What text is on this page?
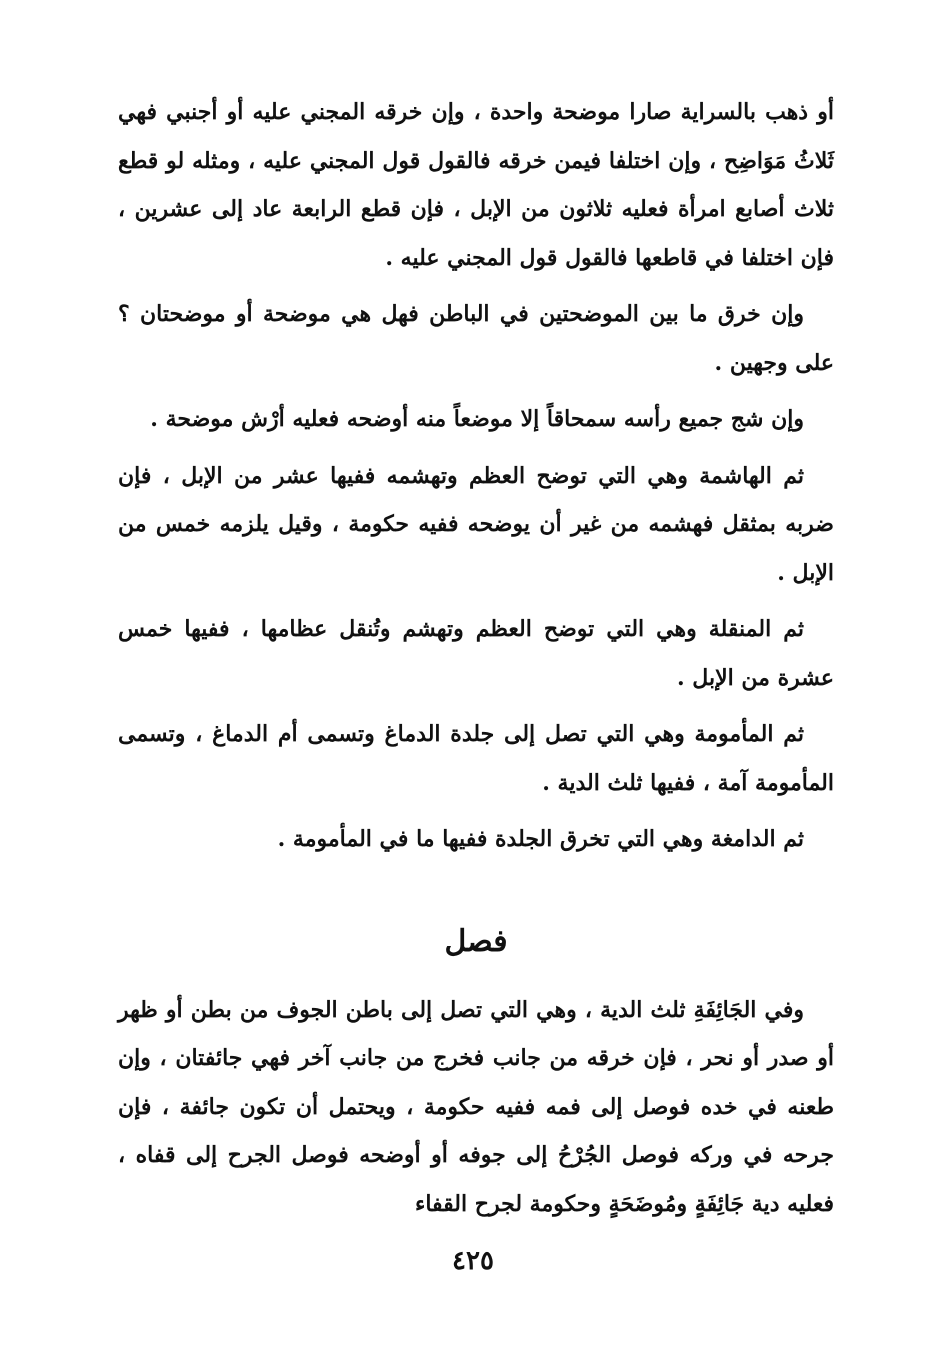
أو ذهب بالسراية صارا موضحة واحدة ، وإن خرقه المجني عليه أو أجنبي فهي ثَلاثُ مَوَاضِح ، وإن اختلفا فيمن خرقه فالقول قول المجني عليه ، ومثله لو قطع ثلاث أصابع امرأة فعليه ثلاثون من الإبل ، فإن قطع الرابعة عاد إلى عشرين ، فإن اختلفا في قاطعها فالقول قول المجني عليه .

وإن خرق ما بين الموضحتين في الباطن فهل هي موضحة أو موضحتان ؟ على وجهين .

وإن شج جميع رأسه سمحاقاً إلا موضعاً منه أوضحه فعليه أرْش موضحة .

ثم الهاشمة وهي التي توضح العظم وتهشمه ففيها عشر من الإبل ، فإن ضربه بمثقل فهشمه من غير أن يوضحه ففيه حكومة ، وقيل يلزمه خمس من الإبل .

ثم المنقلة وهي التي توضح العظم وتهشم وتُنقل عظامها ، ففيها خمس عشرة من الإبل .

ثم المأمومة وهي التي تصل إلى جلدة الدماغ وتسمى أم الدماغ ، وتسمى المأمومة آمة ، ففيها ثلث الدية .

ثم الدامغة وهي التي تخرق الجلدة ففيها ما في المأمومة .

فصل

وفي الجَائِفَةِ ثلث الدية ، وهي التي تصل إلى باطن الجوف من بطن أو ظهر أو صدر أو نحر ، فإن خرقه من جانب فخرج من جانب آخر فهي جائفتان ، وإن طعنه في خده فوصل إلى فمه ففيه حكومة ، ويحتمل أن تكون جائفة ، فإن جرحه في وركه فوصل الجُرْحُ إلى جوفه أو أوضحه فوصل الجرح إلى قفاه ، فعليه دية جَائِفَةٍ ومُوضَحَةٍ وحكومة لجرح القفاء

٤٢٥
